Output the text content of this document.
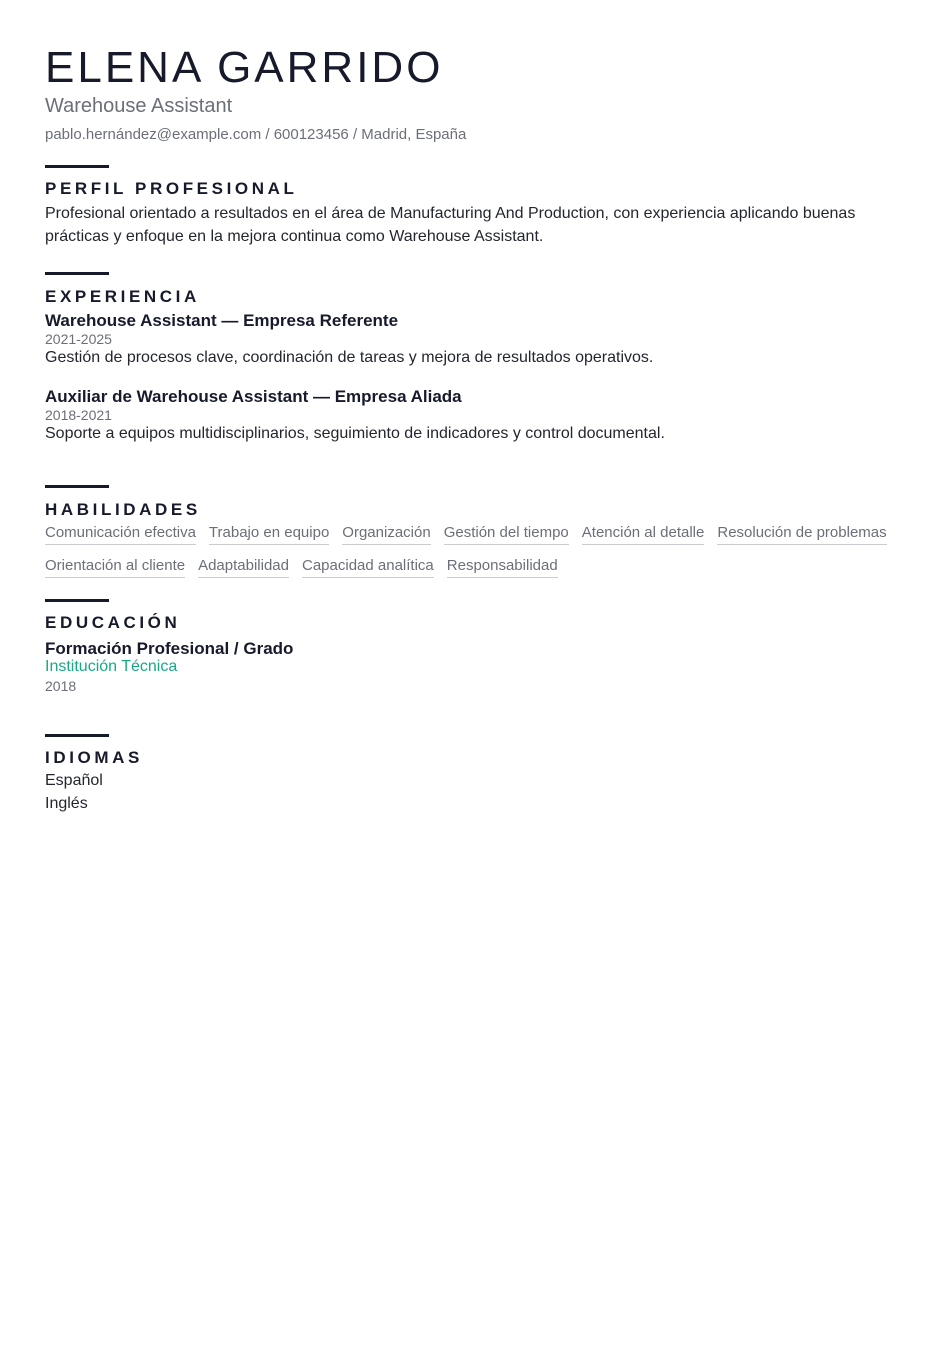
ELENA GARRIDO
Warehouse Assistant
pablo.hernández@example.com / 600123456 / Madrid, España
PERFIL PROFESIONAL
Profesional orientado a resultados en el área de Manufacturing And Production, con experiencia aplicando buenas prácticas y enfoque en la mejora continua como Warehouse Assistant.
EXPERIENCIA
Warehouse Assistant — Empresa Referente
2021-2025
Gestión de procesos clave, coordinación de tareas y mejora de resultados operativos.
Auxiliar de Warehouse Assistant — Empresa Aliada
2018-2021
Soporte a equipos multidisciplinarios, seguimiento de indicadores y control documental.
HABILIDADES
Comunicación efectiva Trabajo en equipo Organización Gestión del tiempo Atención al detalle Resolución de problemas
Orientación al cliente Adaptabilidad Capacidad analítica Responsabilidad
EDUCACIÓN
Formación Profesional / Grado
Institución Técnica
2018
IDIOMAS
Español
Inglés
